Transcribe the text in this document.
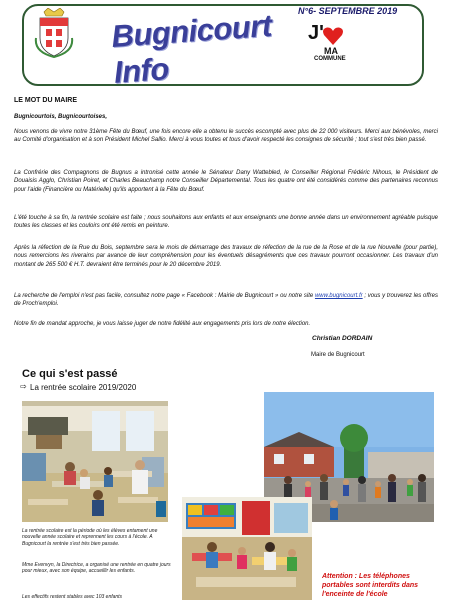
Bugnicourt Info
N°6- SEPTEMBRE 2019
J'
MA
COMMUNE
LE MOT DU MAIRE
Bugnicourtois, Bugnicourtoises,
Nous venons de vivre notre 31ème Fête du Bœuf, une fois encore elle a obtenu le succès escompté avec plus de 22 000 visiteurs. Merci aux bénévoles, merci au Comité d'organisation et à son Président Michel Sallio. Merci à vous toutes et tous d'avoir respecté les consignes de sécurité ; tout s'est très bien passé.
La Confrérie des Compagnons de Bugnus a intronisé cette année le Sénateur Dany Wattebled, le Conseiller Régional Frédéric Nihous, le Président de Douaisis Agglo, Christian Poiret, et Charles Beauchamp notre Conseiller Départemental. Tous les quatre ont été considérés comme des partenaires reconnus pour l'aide (Financière ou Matérielle) qu'ils apportent à la Fête du Bœuf.
L'été touche à sa fin, la rentrée scolaire est faite ; nous souhaitons aux enfants et aux enseignants une bonne année dans un environnement agréable puisque toutes les classes et les couloirs ont été remis en peinture.
Après la réfection de la Rue du Bois, septembre sera le mois de démarrage des travaux de réfection de la rue de la Rose et de la rue Nouvelle (pour partie), nous remercions les riverains par avance de leur compréhension pour les éventuels désagréments que ces travaux pourront occasionner. Les travaux d'un montant de 265 500 € H.T. devraient être terminés pour le 20 décembre 2019.
La recherche de l'emploi n'est pas facile, consultez notre page « Facebook : Mairie de Bugnicourt » ou notre site www.bugnicourt.fr ; vous y trouverez les offres de Proch'emploi.
Notre fin de mandat approche, je vous laisse juger de notre fidélité aux engagements pris lors de notre élection.
Christian DORDAIN
Maire de Bugnicourt
Ce qui s'est passé
⇨ La rentrée scolaire 2019/2020
La rentrée scolaire est la période où les élèves entament une nouvelle année scolaire et reprennent les cours à l'école. A Bugnicourt la rentrée s'est très bien passée.
Mme Evenvyn, la Directrice, a organisé une rentrée en quatre jours pour mieux, avec son équipe, accueillir les enfants.
Les effectifs restent stables avec 103 enfants
Attention : Les téléphones portables sont interdits dans l'enceinte de l'école
